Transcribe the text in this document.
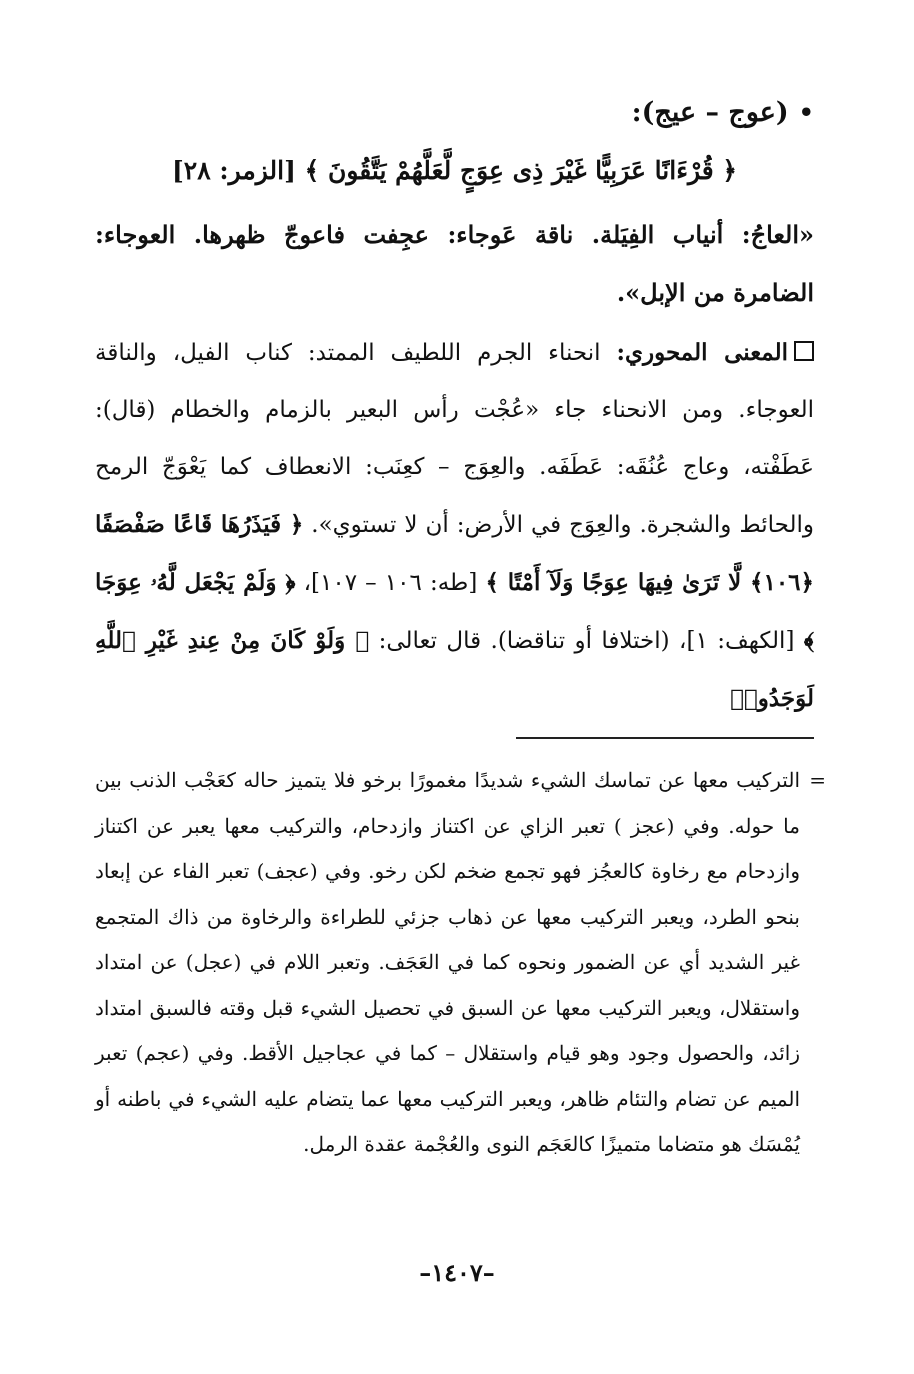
•(عوج – عيج):
﴿ قُرْءَانًا عَرَبِيًّا غَيْرَ ذِى عِوَجٍ لَّعَلَّهُمْ يَتَّقُونَ ﴾ [الزمر: ٢٨]

«العاجُ: أنياب الفِيَلة. ناقة عَوجاء: عجِفت فاعوجّ ظهرها. العوجاء: الضامرة من الإبل».

المعنى المحوري: انحناء الجرم اللطيف الممتد: كناب الفيل، والناقة العوجاء. ومن الانحناء جاء «عُجْت رأس البعير بالزمام والخطام (قال): عَطَفْته، وعاج عُنُقَه: عَطَفَه. والعِوَج – كعِنَب: الانعطاف كما يَعْوَجّ الرمح والحائط والشجرة. والعِوَج في الأرض: أن لا تستوي». ﴿ فَيَذَرُهَا قَاعًا صَفْصَفًا ﴿١٠٦﴾ لَّا تَرَىٰ فِيهَا عِوَجًا وَلَآ أَمْتًا ﴾ [طه: ١٠٦ – ١٠٧]، ﴿ وَلَمْ يَجْعَل لَّهُۥ عِوَجَا ﴾ [الكهف: ١]، (اختلافا أو تناقضا). قال تعالى: ﴿ وَلَوْ كَانَ مِنْ عِندِ غَيْرِ ٱللَّهِ لَوَجَدُوا۟

=

التركيب معها عن تماسك الشيء شديدًا مغمورًا برخو فلا يتميز حاله كعَجْب الذنب بين ما حوله. وفي (عجز ) تعبر الزاي عن اكتناز وازدحام، والتركيب معها يعبر عن اكتناز وازدحام مع رخاوة كالعجُز فهو تجمع ضخم لكن رخو. وفي (عجف) تعبر الفاء عن إبعاد بنحو الطرد، ويعبر التركيب معها عن ذهاب جزئي للطراءة والرخاوة من ذاك المتجمع غير الشديد أي عن الضمور ونحوه كما في العَجَف. وتعبر اللام في (عجل) عن امتداد واستقلال، ويعبر التركيب معها عن السبق في تحصيل الشيء قبل وقته فالسبق امتداد زائد، والحصول وجود وهو قيام واستقلال – كما في عجاجيل الأقط. وفي (عجم) تعبر الميم عن تضام والتئام ظاهر، ويعبر التركيب معها عما يتضام عليه الشيء في باطنه أو يُمْسَك هو متضاما متميزًا كالعَجَم النوى والعُجْمة عقدة الرمل.

–١٤٠٧–
